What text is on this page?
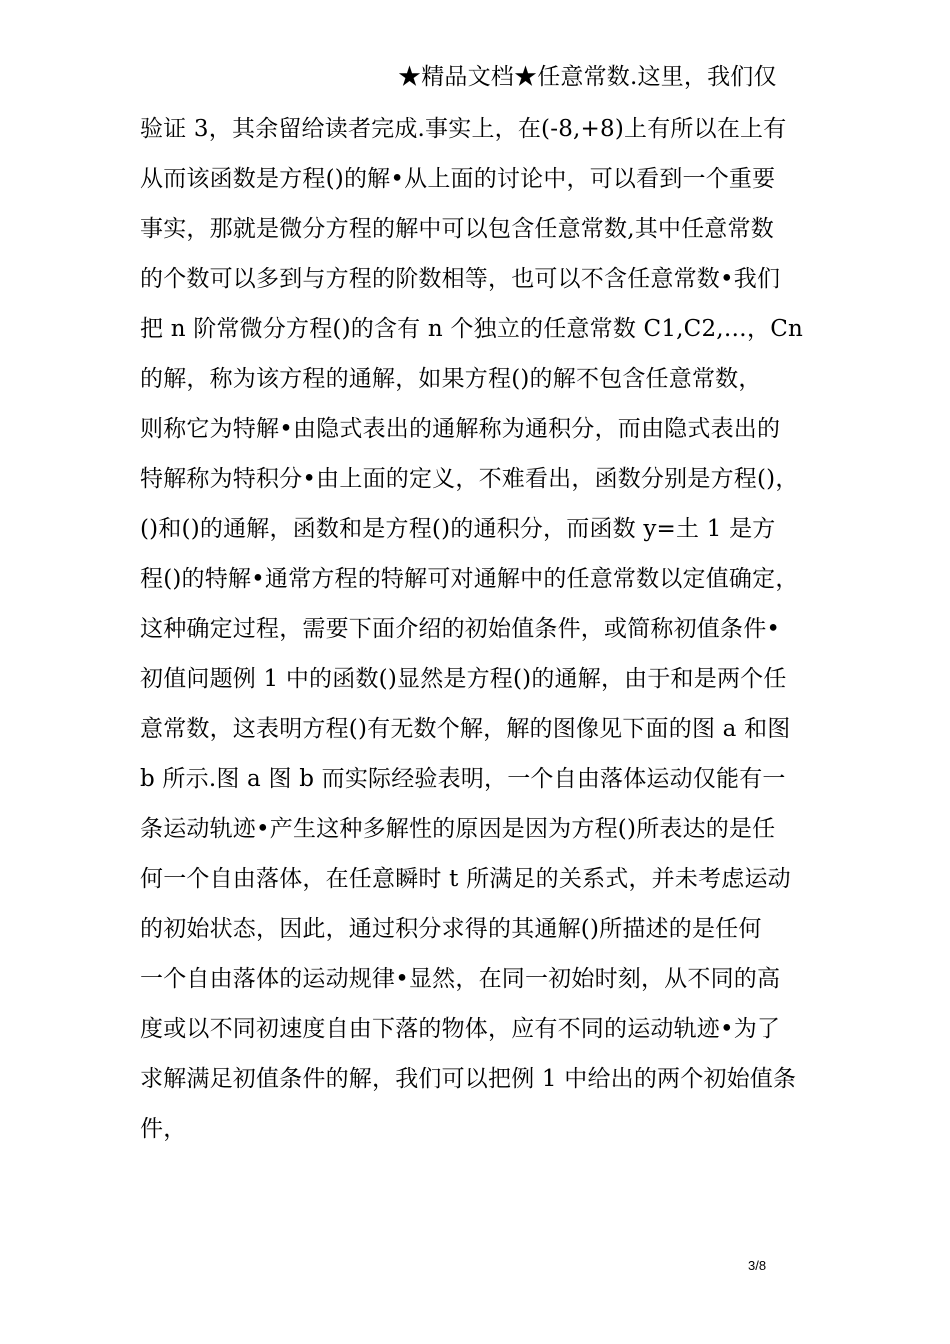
★精品文档★任意常数.这里，我们仅
验证 3，其余留给读者完成.事实上，在(-8,+8)上有所以在上有
从而该函数是方程()的解•从上面的讨论中，可以看到一个重要
事实，那就是微分方程的解中可以包含任意常数,其中任意常数
的个数可以多到与方程的阶数相等，也可以不含任意常数•我们
把 n 阶常微分方程()的含有 n 个独立的任意常数 C1,C2,…，Cn
的解，称为该方程的通解，如果方程()的解不包含任意常数，
则称它为特解•由隐式表出的通解称为通积分，而由隐式表出的
特解称为特积分•由上面的定义，不难看出，函数分别是方程()，
()和()的通解，函数和是方程()的通积分，而函数 y=土 1 是方
程()的特解•通常方程的特解可对通解中的任意常数以定值确定，
这种确定过程，需要下面介绍的初始值条件，或简称初值条件•
初值问题例 1 中的函数()显然是方程()的通解，由于和是两个任
意常数，这表明方程()有无数个解，解的图像见下面的图 a 和图
b 所示.图 a 图 b 而实际经验表明，一个自由落体运动仅能有一
条运动轨迹•产生这种多解性的原因是因为方程()所表达的是任
何一个自由落体，在任意瞬时 t 所满足的关系式，并未考虑运动
的初始状态，因此，通过积分求得的其通解()所描述的是任何
一个自由落体的运动规律•显然，在同一初始时刻，从不同的高
度或以不同初速度自由下落的物体，应有不同的运动轨迹•为了
求解满足初值条件的解，我们可以把例 1 中给出的两个初始值条
件，
3/8
